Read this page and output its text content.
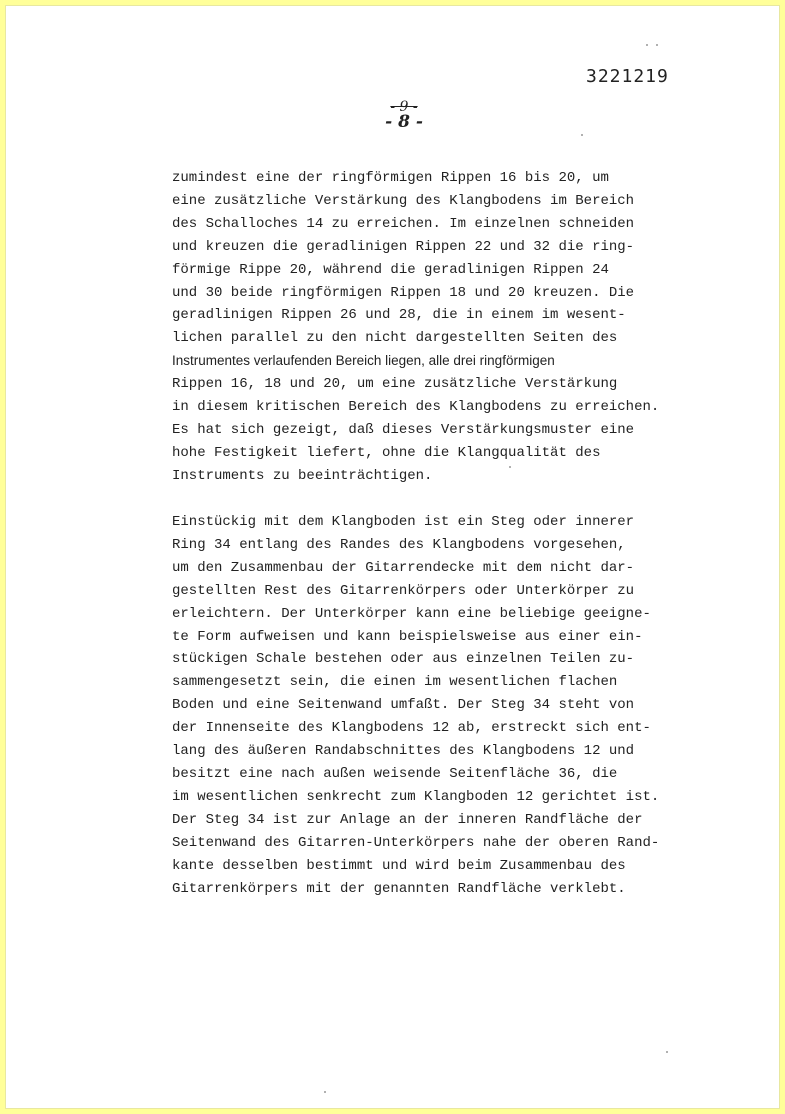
3221219
- 9 -
- 8 -

zumindest eine der ringförmigen Rippen 16 bis 20, um
eine zusätzliche Verstärkung des Klangbodens im Bereich
des Schalloches 14 zu erreichen. Im einzelnen schneiden
und kreuzen die geradlinigen Rippen 22 und 32 die ring-
förmige Rippe 20, während die geradlinigen Rippen 24
und 30 beide ringförmigen Rippen 18 und 20 kreuzen. Die
geradlinigen Rippen 26 und 28, die in einem im wesent-
lichen parallel zu den nicht dargestellten Seiten des
Instrumentes verlaufenden Bereich liegen, alle drei ringförmigen
Rippen 16, 18 und 20, um eine zusätzliche Verstärkung
in diesem kritischen Bereich des Klangbodens zu erreichen.
Es hat sich gezeigt, daß dieses Verstärkungsmuster eine
hohe Festigkeit liefert, ohne die Klangqualität des
Instruments zu beeinträchtigen.

Einstückig mit dem Klangboden ist ein Steg oder innerer
Ring 34 entlang des Randes des Klangbodens vorgesehen,
um den Zusammenbau der Gitarrendecke mit dem nicht dar-
gestellten Rest des Gitarrenkörpers oder Unterkörper zu
erleichtern. Der Unterkörper kann eine beliebige geeigne-
te Form aufweisen und kann beispielsweise aus einer ein-
stückigen Schale bestehen oder aus einzelnen Teilen zu-
sammengesetzt sein, die einen im wesentlichen flachen
Boden und eine Seitenwand umfaßt. Der Steg 34 steht von
der Innenseite des Klangbodens 12 ab, erstreckt sich ent-
lang des äußeren Randabschnittes des Klangbodens 12 und
besitzt eine nach außen weisende Seitenfläche 36, die
im wesentlichen senkrecht zum Klangboden 12 gerichtet ist.
Der Steg 34 ist zur Anlage an der inneren Randfläche der
Seitenwand des Gitarren-Unterkörpers nahe der oberen Rand-
kante desselben bestimmt und wird beim Zusammenbau des
Gitarrenkörpers mit der genannten Randfläche verklebt.
